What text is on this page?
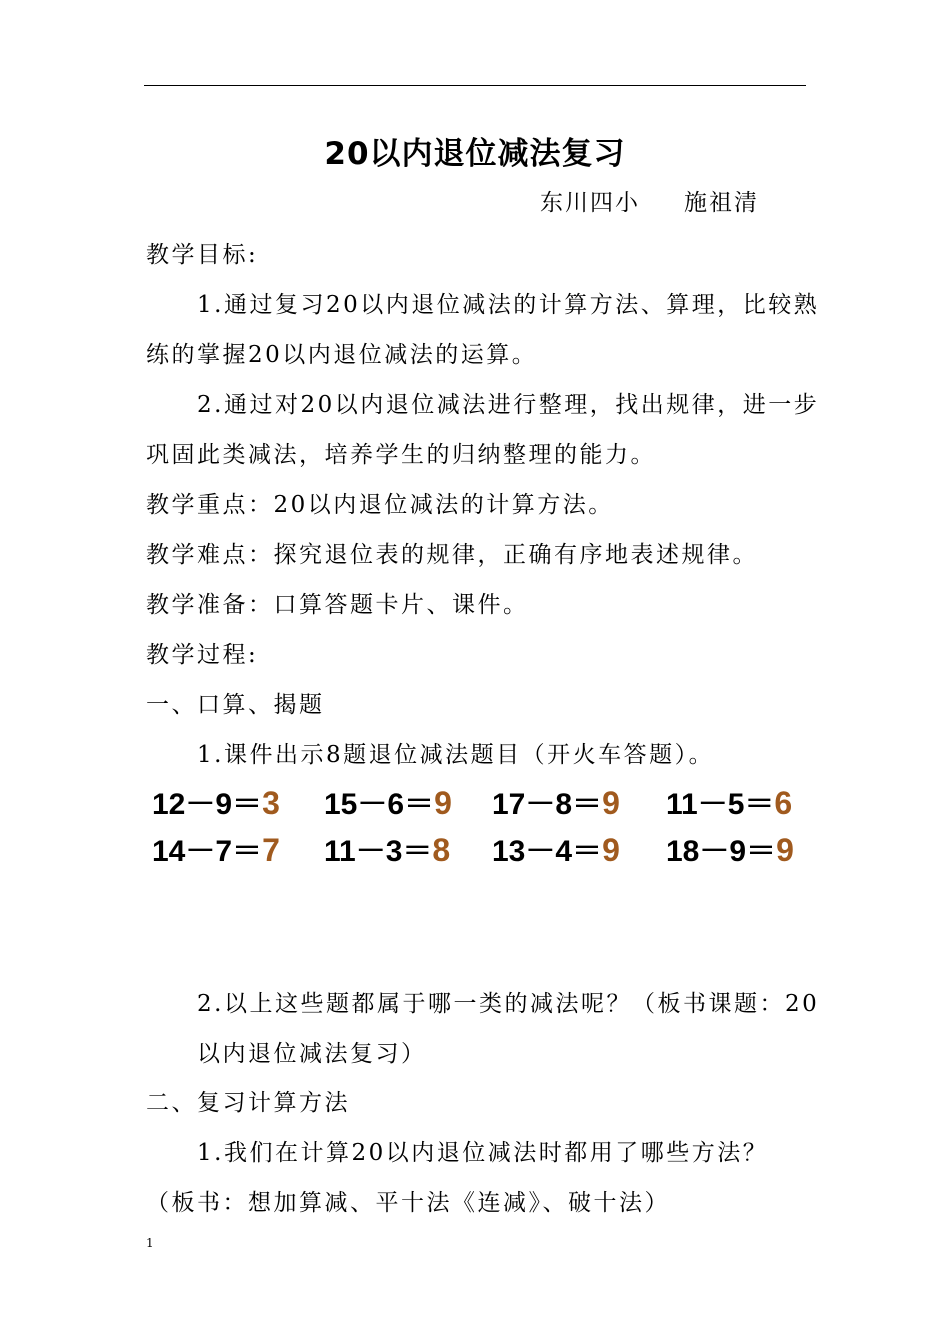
20以内退位减法复习
东川四小 施祖清
教学目标:
1.通过复习20以内退位减法的计算方法、算理，比较熟
练的掌握20以内退位减法的运算。
2.通过对20以内退位减法进行整理，找出规律，进一步
巩固此类减法，培养学生的归纳整理的能力。
教学重点：20以内退位减法的计算方法。
教学难点：探究退位表的规律，正确有序地表述规律。
教学准备：口算答题卡片、课件。
教学过程:
一、口算、揭题
1.课件出示8题退位减法题目（开火车答题）。
12－9＝3 15－6＝9 17－8＝9 11－5＝6
14－7＝7 11－3＝8 13－4＝9 18－9＝9
2.以上这些题都属于哪一类的减法呢？（板书课题：20
以内退位减法复习）
二、复习计算方法
1.我们在计算20以内退位减法时都用了哪些方法？
（板书：想加算减、平十法《连减》、破十法）
1
